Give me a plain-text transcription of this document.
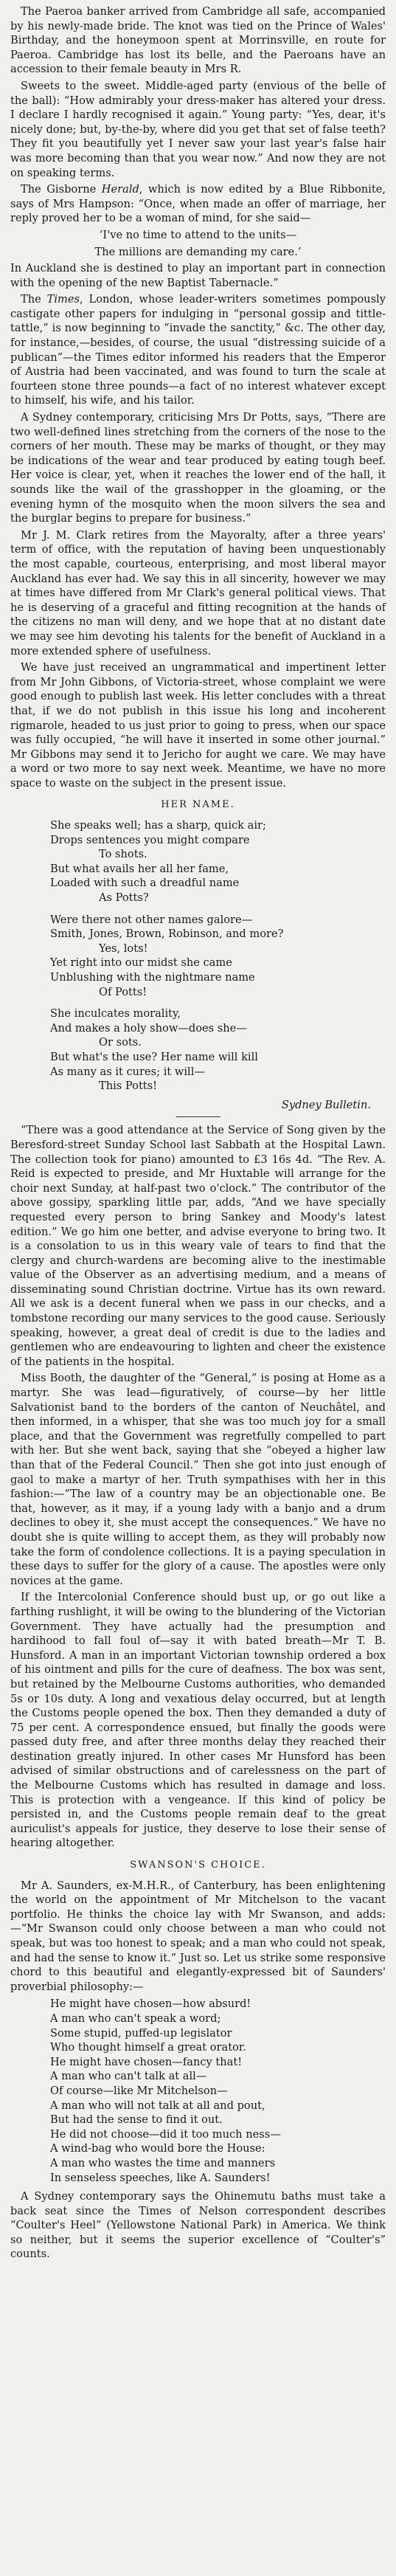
The Paeroa banker arrived from Cambridge all safe, accompanied by his newly-made bride. The knot was tied on the Prince of Wales' Birthday, and the honeymoon spent at Morrinsville, en route for Paeroa. Cambridge has lost its belle, and the Paeroans have an accession to their female beauty in Mrs R.

Sweets to the sweet. Middle-aged party (envious of the belle of the ball): “How admirably your dress-maker has altered your dress. I declare I hardly recognised it again.” Young party: “Yes, dear, it's nicely done; but, by-the-by, where did you get that set of false teeth? They fit you beautifully yet I never saw your last year's false hair was more becoming than that you wear now.” And now they are not on speaking terms.

The Gisborne Herald, which is now edited by a Blue Ribbonite, says of Mrs Hampson: “Once, when made an offer of marriage, her reply proved her to be a woman of mind, for she said—

‘I've no time to attend to the units—

The millions are demanding my care.’

In Auckland she is destined to play an important part in connection with the opening of the new Baptist Tabernacle.”

The Times, London, whose leader-writers sometimes pompously castigate other papers for indulging in “personal gossip and tittle-tattle,” is now beginning to “invade the sanctity,” &c. The other day, for instance,—besides, of course, the usual “distressing suicide of a publican”—the Times editor informed his readers that the Emperor of Austria had been vaccinated, and was found to turn the scale at fourteen stone three pounds—a fact of no interest whatever except to himself, his wife, and his tailor.

A Sydney contemporary, criticising Mrs Dr Potts, says, “There are two well-defined lines stretching from the corners of the nose to the corners of her mouth. These may be marks of thought, or they may be indications of the wear and tear produced by eating tough beef. Her voice is clear, yet, when it reaches the lower end of the hall, it sounds like the wail of the grasshopper in the gloaming, or the evening hymn of the mosquito when the moon silvers the sea and the burglar begins to prepare for business.”

Mr J. M. Clark retires from the Mayoralty, after a three years' term of office, with the reputation of having been unquestionably the most capable, courteous, enterprising, and most liberal mayor Auckland has ever had. We say this in all sincerity, however we may at times have differed from Mr Clark's general political views. That he is deserving of a graceful and fitting recognition at the hands of the citizens no man will deny, and we hope that at no distant date we may see him devoting his talents for the benefit of Auckland in a more extended sphere of usefulness.

We have just received an ungrammatical and impertinent letter from Mr John Gibbons, of Victoria-street, whose complaint we were good enough to publish last week. His letter concludes with a threat that, if we do not publish in this issue his long and incoherent rigmarole, headed to us just prior to going to press, when our space was fully occupied, “he will have it inserted in some other journal.” Mr Gibbons may send it to Jericho for aught we care. We may have a word or two more to say next week. Meantime, we have no more space to waste on the subject in the present issue.

HER NAME.
She speaks well; has a sharp, quick air;
Drops sentences you might compare
To shots.
But what avails her all her fame,
Loaded with such a dreadful name
As Potts?
Were there not other names galore—
Smith, Jones, Brown, Robinson, and more?
Yes, lots!
Yet right into our midst she came
Unblushing with the nightmare name
Of Potts!
She inculcates morality,
And makes a holy show—does she—
Or sots.
But what's the use? Her name will kill
As many as it cures; it will—
This Potts!

Sydney Bulletin.

“There was a good attendance at the Service of Song given by the Beresford-street Sunday School last Sabbath at the Hospital Lawn. The collection took for piano) amounted to £3 16s 4d. “The Rev. A. Reid is expected to preside, and Mr Huxtable will arrange for the choir next Sunday, at half-past two o'clock.” The contributor of the above gossipy, sparkling little par, adds, “And we have specially requested every person to bring Sankey and Moody's latest edition.” We go him one better, and advise everyone to bring two. It is a consolation to us in this weary vale of tears to find that the clergy and church-wardens are becoming alive to the inestimable value of the Observer as an advertising medium, and a means of disseminating sound Christian doctrine. Virtue has its own reward. All we ask is a decent funeral when we pass in our checks, and a tombstone recording our many services to the good cause. Seriously speaking, however, a great deal of credit is due to the ladies and gentlemen who are endeavouring to lighten and cheer the existence of the patients in the hospital.

Miss Booth, the daughter of the “General,” is posing at Home as a martyr. She was lead—figuratively, of course—by her little Salvationist band to the borders of the canton of Neuchâtel, and then informed, in a whisper, that she was too much joy for a small place, and that the Government was regretfully compelled to part with her. But she went back, saying that she “obeyed a higher law than that of the Federal Council.” Then she got into just enough of gaol to make a martyr of her. Truth sympathises with her in this fashion:—“The law of a country may be an objectionable one. Be that, however, as it may, if a young lady with a banjo and a drum declines to obey it, she must accept the consequences.” We have no doubt she is quite willing to accept them, as they will probably now take the form of condolence collections. It is a paying speculation in these days to suffer for the glory of a cause. The apostles were only novices at the game.

If the Intercolonial Conference should bust up, or go out like a farthing rushlight, it will be owing to the blundering of the Victorian Government. They have actually had the presumption and hardihood to fall foul of—say it with bated breath—Mr T. B. Hunsford. A man in an important Victorian township ordered a box of his ointment and pills for the cure of deafness. The box was sent, but retained by the Melbourne Customs authorities, who demanded 5s or 10s duty. A long and vexatious delay occurred, but at length the Customs people opened the box. Then they demanded a duty of 75 per cent. A correspondence ensued, but finally the goods were passed duty free, and after three months delay they reached their destination greatly injured. In other cases Mr Hunsford has been advised of similar obstructions and of carelessness on the part of the Melbourne Customs which has resulted in damage and loss. This is protection with a vengeance. If this kind of policy be persisted in, and the Customs people remain deaf to the great auriculist's appeals for justice, they deserve to lose their sense of hearing altogether.

SWANSON'S CHOICE.

Mr A. Saunders, ex-M.H.R., of Canterbury, has been enlightening the world on the appointment of Mr Mitchelson to the vacant portfolio. He thinks the choice lay with Mr Swanson, and adds:—“Mr Swanson could only choose between a man who could not speak, but was too honest to speak; and a man who could not speak, and had the sense to know it.” Just so. Let us strike some responsive chord to this beautiful and elegantly-expressed bit of Saunders' proverbial philosophy:—

He might have chosen—how absurd!
A man who can't speak a word;
Some stupid, puffed-up legislator
Who thought himself a great orator.
He might have chosen—fancy that!
A man who can't talk at all—
Of course—like Mr Mitchelson—
A man who will not talk at all and pout,
But had the sense to find it out.
He did not choose—did it too much ness—
A wind-bag who would bore the House:
A man who wastes the time and manners
In senseless speeches, like A. Saunders!

A Sydney contemporary says the Ohinemutu baths must take a back seat since the Times of Nelson correspondent describes “Coulter's Heel” (Yellowstone National Park) in America. We think so neither, but it seems the superior excellence of “Coulter's” counts.
